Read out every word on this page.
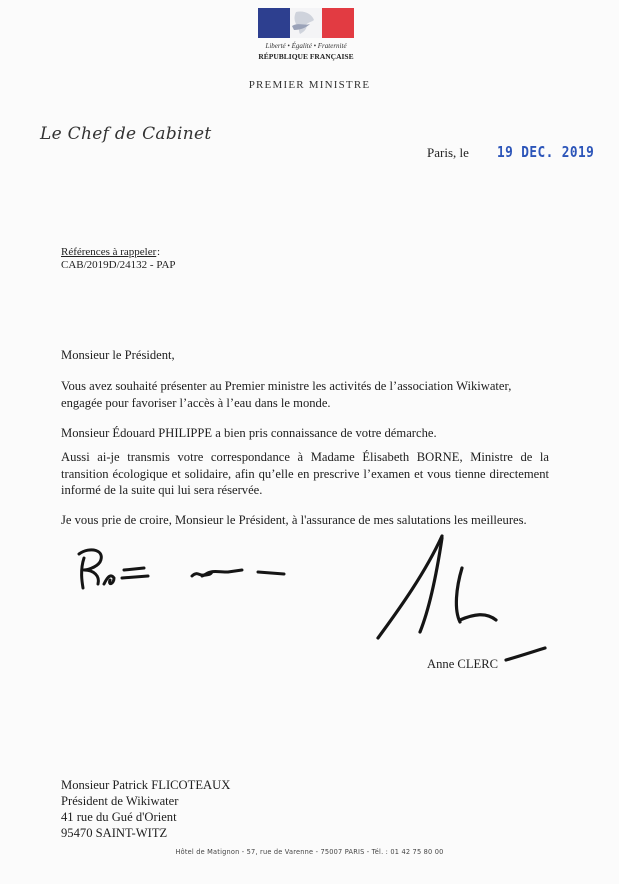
Liberté • Égalité • Fraternité
RÉPUBLIQUE FRANÇAISE
PREMIER MINISTRE
Le Chef de Cabinet
Paris, le 19 DEC. 2019
Références à rappeler :
CAB/2019D/24132 - PAP
Monsieur le Président,
Vous avez souhaité présenter au Premier ministre les activités de l’association Wikiwater, engagée pour favoriser l’accès à l’eau dans le monde.
Monsieur Édouard PHILIPPE a bien pris connaissance de votre démarche.
Aussi ai-je transmis votre correspondance à Madame Élisabeth BORNE, Ministre de la transition écologique et solidaire, afin qu’elle en prescrive l’examen et vous tienne directement informé de la suite qui lui sera réservée.
Je vous prie de croire, Monsieur le Président, à l'assurance de mes salutations les meilleures.
Anne CLERC
Monsieur Patrick FLICOTEAUX
Président de Wikiwater
41 rue du Gué d'Orient
95470 SAINT-WITZ
Hôtel de Matignon - 57, rue de Varenne - 75007 PARIS - Tél. : 01 42 75 80 00
